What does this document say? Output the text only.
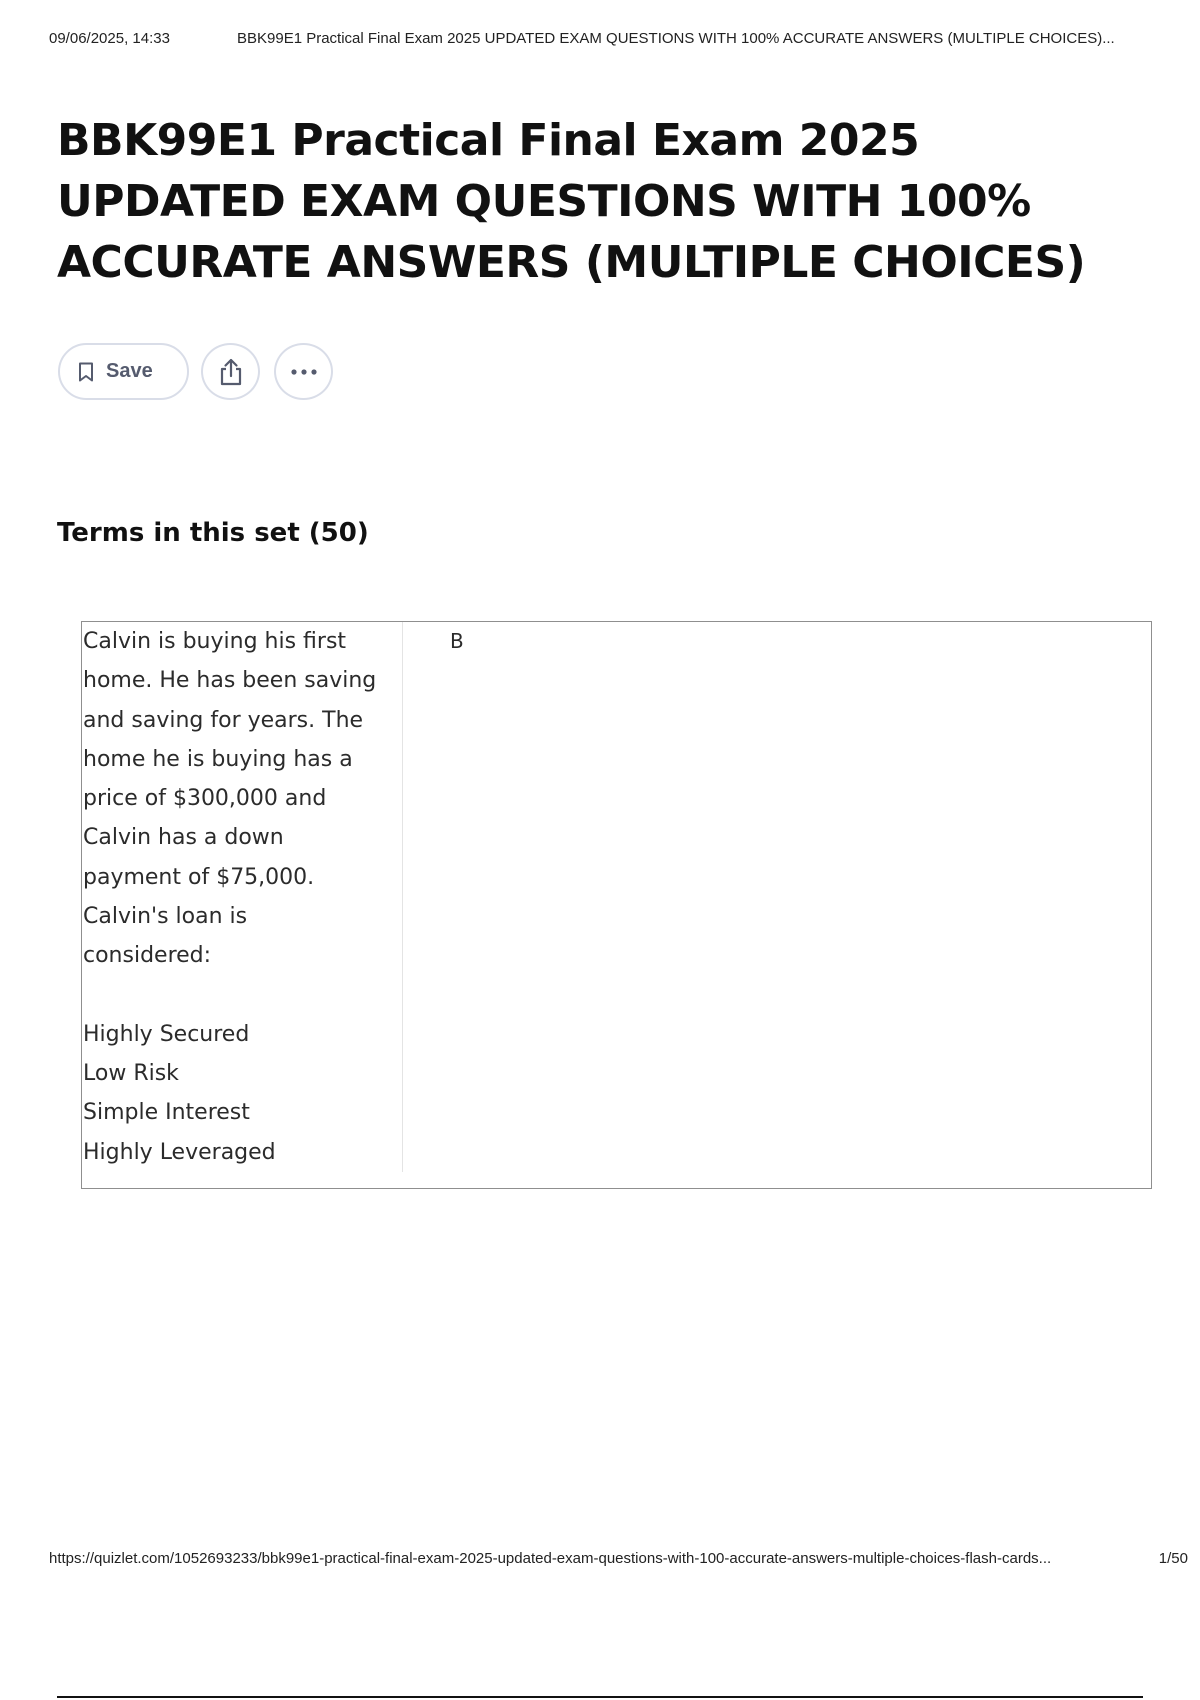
09/06/2025, 14:33	BBK99E1 Practical Final Exam 2025 UPDATED EXAM QUESTIONS WITH 100% ACCURATE ANSWERS (MULTIPLE CHOICES)...
BBK99E1 Practical Final Exam 2025 UPDATED EXAM QUESTIONS WITH 100% ACCURATE ANSWERS (MULTIPLE CHOICES)
Save
Terms in this set (50)

Calvin is buying his first

home. He has been saving

and saving for years. The

home he is buying has a

price of $300,000 and

Calvin has a down

payment of $75,000.

Calvin's loan is

considered:

Highly Secured

Low Risk

Simple Interest

Highly Leveraged

B
https://quizlet.com/1052693233/bbk99e1-practical-final-exam-2025-updated-exam-questions-with-100-accurate-answers-multiple-choices-flash-cards...	1/50
